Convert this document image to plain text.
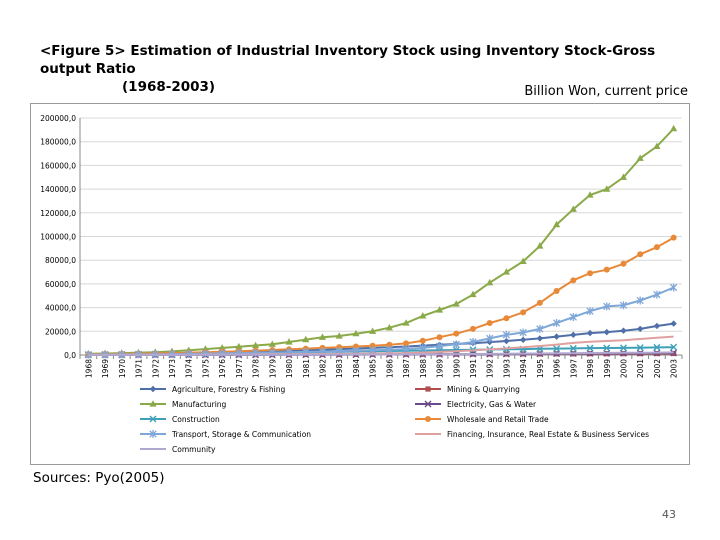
<Figure 5> Estimation of Industrial Inventory Stock using Inventory Stock-Gross output Ratio
(1968-2003)	Billion Won, current price
0,0
20000,0
40000,0
60000,0
80000,0
100000,0
120000,0
140000,0
160000,0
180000,0
200000,0
1968 1969 1970 1971 1972 1973 1974 1975 1976 1977 1978 1979 1980 1981 1982 1983 1984 1985 1986 1987 1988 1989 1990 1991 1992 1993 1994 1995 1996 1997 1998 1999 2000 2001 2002 2003
Agriculture, Forestry & Fishing	Mining & Quarrying
Manufacturing	Electricity, Gas & Water
Construction	Wholesale and Retail Trade
Transport, Storage & Communication	Financing, Insurance, Real Estate & Business Services
Community
Sources: Pyo(2005)
43
